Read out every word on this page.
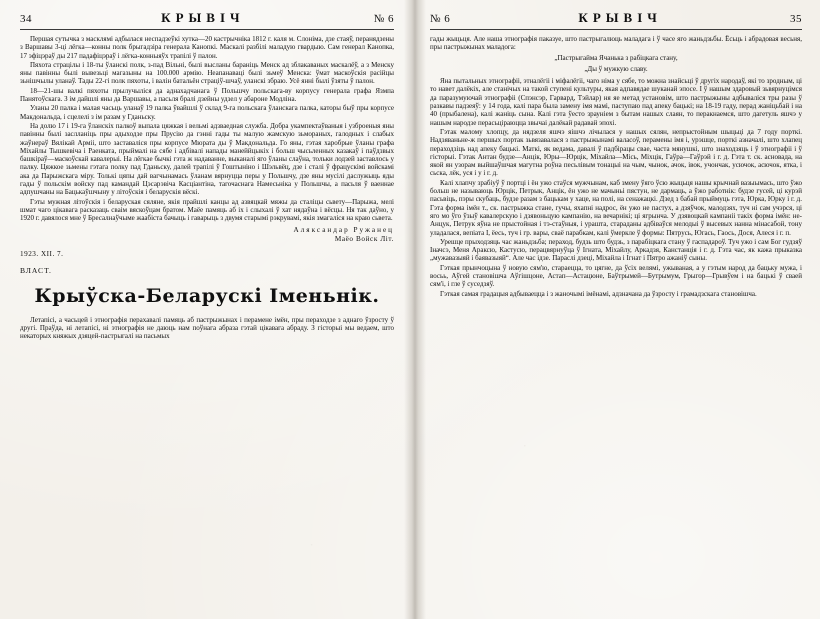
34	КРЫВІЧ	№ 6

Першая сутычка з масклямі адбылася неспадзеўкі хутка—20 кастрычніка 1812 г. каля м. Слоніма, дзе стаяў, перанядзены з Варшавы 3-ці лёгка—конны полк брыгадзіра генерала Канопкі. Маскалі разбілі маладую гвардыю. Сам генерал Канопка, 17 эфіцэраў ды 217 падафіцэраў і лёгка-конныяўх трапілі ў палон.

Пяхота страцілы і 18-ты ўланскі полк, з-пад Вільні, былі высланы бараніць Менск ад зблакаваных маскалёў, а з Менску яны павінны былі вывезьці магазыны на 100.000 армію. Неапанаваці былі зьмеў Менска: ўмат маскоўскія расійцы зьнішчылы уланаў. Тады 22-гі полк пяхоты, і валін батальён страціў-шчаў, уланскі збраю. Усё янні былі ўзяты ў палон.

18—21-шы валкі пяхоты прылучыліся да аднахадчанага ў Польшчу польскага-ву корпусу генерала графа Язмпа Панятоўскага. З ім дайшлі яны да Варшавы, а пасьля бралі дзейны удзел у абароне Модліна.

Уланы 20 палка і малая часьць уланаў 19 палка ўвайшлі ў склад 9-га польскага ўланскага палка, каторы быў пры корпусе Макдональда, і сцелелі з ім разам у Гданьску.

На долю 17 і 19-га ўланскіх палкоў выпала цяжкая і вельмі адзваедная служба. Добра укампектаўваныя і узброеныя яны павінны былі заслланіць пры адыходзе пры Прусію да гэнні гады ты малую жамскую зьмораных, галодных і слабых жаўнераў Вялікай Арміі, што заставаліся пры корпусе Мюрата ды ў Макдональда. Го яны, гэтая харобрые ўланы графа Міхайлы Тышкевіча і Раенката, прыймалі на сябе і адбівалі напады манеййцыкіх і больш чысьленных казакаў і паўдзвых башкіраў—маскоўскай кавалерыі. На лёгкае бычкі гэта ж надаванне, выканалі яго ўланы слаўна, тольки лодзей заставлось у палку. Цяжкое зьмены гэтага полку пад Гданьску, далей трапілі ў Гоштыніно і Шэльвёц, дзе і сталі ў фрацускімі войскамі ака да Парыжскага міру. Толькі цяпы дай вагчынамась ўланам вярнуцца перы у Польшчу, дзе яны мусілі даслужыць яды гады ў польскім войску пад камандай Цэсарэвіча Касціантіна, тагочаснага Намесьніка у Польшчы, а пасьля ў ваеннае адпушчаны на Бацькаўшчыну у літоўскія і беларускія вёскі.

Гэты мужная літоўскія і беларуская сяляне, якія прайшлі канцы ад азвяцкай мяжы да сталіцы сьвету—Парыжа, мелі шмат чаго цікавага расказаць сваім вяскоўцам братом. Маёе памяць аб іх і слыхалі ў хат нядаўна і вёсцы. Ня так даўно, у 1920 г. давялося мне ў Бресалнаўчыме жаабіста бачыць і гаварыць з двумя старымі рэкрувамі, якія змагаліся на краю сьвета.

Аляксандар Ружанец
Маёо Войск Літ.
1923. XII. 7.
ВЛАСТ.
Крыўска-Беларускі Іменьнік.

Летапісі, а часьцей і этнографія перахавалі памяць аб пастрыжынах і перамене імён, пры пераходзе з аднаго ўзросту ў другі. Праўда, ні летапісі, ні этнографія не даюць нам поўнага абраза гэтай цікавага абраду. З гісторыі мы ведаем, што некаторых княжых дзяцей-пастрыгалі на пасьмых

№ 6	КРЫВІЧ	35

гады жыцьця. Але наша этнографія паказуе, што пастрыгалюць маладага і ў часе яго жаньдзьбы. Ёсьць і абрадовая весьня, пры пастрыжынах маладога:

„Пастрыгайма Ячанька з рабіцкага стану,

„Ды ў мужкую славу.

Яна пытальных этнографіі, этналёгіі і міфалёгіі, чаго німа у сябе, то можна знайсьці ў другіх народаў, які то зродным, ці то навет далёкіх, але станічых на такой ступені культуры, якая адпавядае шуканай эпосе. І ў нашым здаровый зьвярнуцімся да паразумуючай этнографіі (Спэнсэр, Гарвард, Тэйлар) ня яе метад установім, што пастрыжыны адбываліся тры разы ў разкавы падзеяў: у 14 года, калі пара была замену імя мамі, паступаю пад апеку бацькі; на 18-19 гаду, перад жаніцьбай і на 40 (прыбалена), калі жаніць сына. Калі гэта ўесто зрауніем з бытам нашых слаян, то перакнаемся, што дагетуль яшчэ у нашым народзе перасьціраюцца звычаі далёкай радавай эпохі.

Гэтак малому хлопцу, да нядзеля яшчэ яішчэ лічылася у нашых сялян, непрыстойным шыцьці да 7 году порткі. Надзяваньне-ж першых портак зьвязавалася з пастрыжынамі валасоў, перамены імя і, урэшце, порткі азначалі, што хлапец пераходзіць над апеку бацькі. Маткі, як ведама, давалі ў падбірацы свае, часта мянушкі, што знаходзяць і ў этнографіі і ў гісторыі. Гэтак Антан будзе—Анцік, Юры—Юрцік, Міхайла—Місь, Міхцік, Гаўра—Гаўрэй і г. д. Гэта т. ск. асновада, на якой ян узорам выйшаўшчая магутна роўна песьлівым тонацыі на чым, чынок, ачок, івок, учончак, усючок, асючок, ятка, і сьска, лёк, уся і у і г. д.

Калі хлапчу зрабіуў ў портці і ён ужо стаўся мужчынам, каб змену ўяго ўсю жыцьця нашы крычнай вазыымась, што ўжо больш не называюць Юрцік, Петрык, Анцік, ён ужо не мачыньі пястун, не дармаць, а ўжо работнік: будзе гусей, ці курэй пасьвіць, пэры скубаць, будзе разам з бацькам у хаце, на полі, на сенажацкі. Дзед з бабай прыймуць гэта, Юрка, Юрку і г. д. Гэта форма імён т., ск. пастрыжка стане, гучы, яхапні надрос, ён ужо не пастух, а дзяўчок, малодзях, туч ні сам учэрся, ці яго мо ўго ўзыў кавалерскую і дзявоньцую кампанію, на вечарнікі; ці ягрынча. У дзявоцкай кампаніі такіх форма імён: не-Анцук, Петрук яўна не прыстойная і тэ-стаўныя, і урашта, стараданы адбіваўся мелодыі ў высевых нанна мінасабой, тону уладалася, вепіата І, ёесь, туч і гр. вары, сваё парабкам, калі ўмеркле ў формы: Пятрусь, Югась, Гаось, Дося, Алеся і г. п.

Урешце прыходзяць час жаньдзьба; пераход, будзь што будзь, з парабіцкага стану ў гаспадароў. Туч ужо і сам Бог гудзяў Іначсэ, Меня Араксю, Кастусю, перацвярнуўца ў Ігната, Міхайлу, Аркадзя, Канстанція і г. д. Гэта час, як кажа прыказка „мужавазыяй і баявазыяй“. Але час ідзе. Параслі дзеці, Міхайла і Ігнат і Пятро ажаніў сыны.

Гэткая прынчоцына ў новую сям'ю, стараецца, то цягне, да ўсіх велямі, ужываная, а у гэтым народ да бацьку мужа, і восьь, Аўгей становішча Аўгішцоне, Астап—Астацюне, Баўтрымей—Бутрымум, Грыгор—Грывўем і на бацькі ў сваей сям'і, і гле ў суседзяў.

Гэткая самая градацыя адбываецца і з жаночымі імёнамі, адзначана да ўзросту і грамадзскага становішча.
